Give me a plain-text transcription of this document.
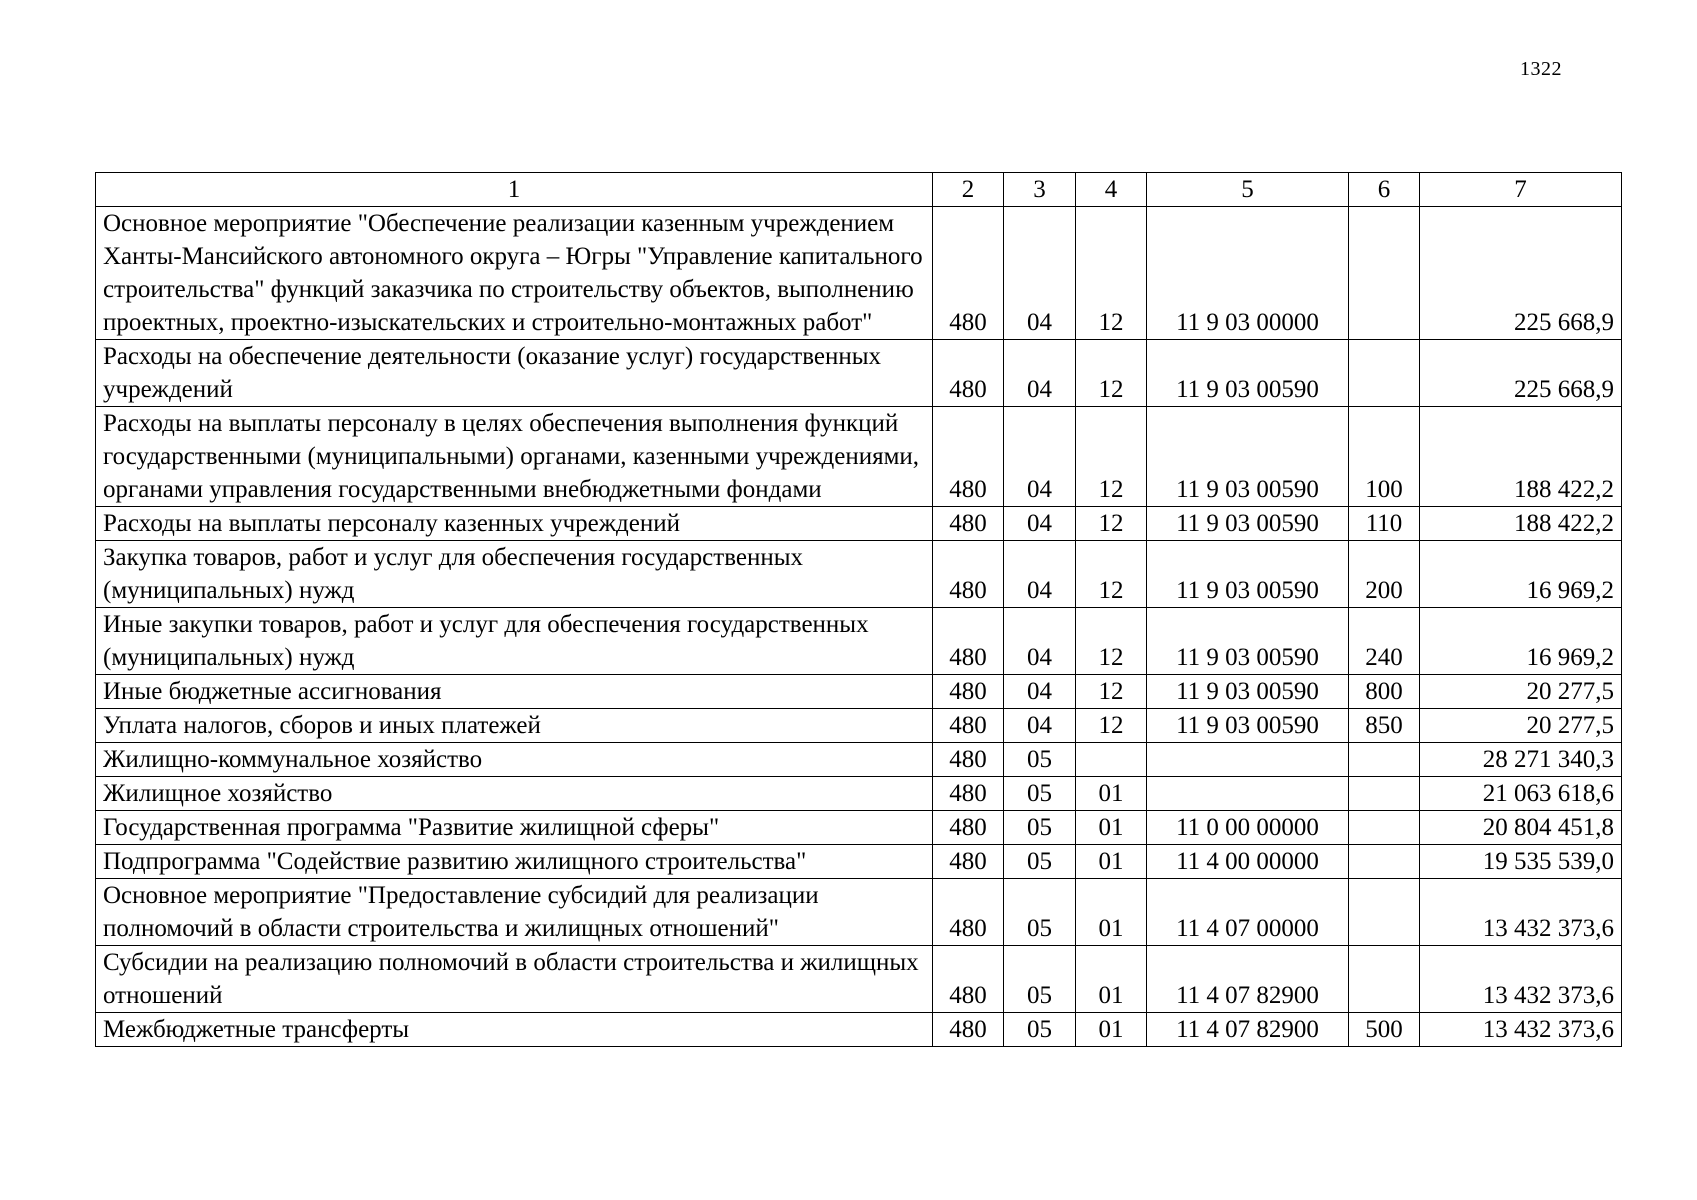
1322
1	2	3	4	5	6	7
Основное мероприятие "Обеспечение реализации казенным учреждением Ханты-Мансийского автономного округа – Югры "Управление капитального строительства" функций заказчика по строительству объектов, выполнению проектных, проектно-изыскательских и строительно-монтажных работ"	480	04	12	11 9 03 00000		225 668,9
Расходы на обеспечение деятельности (оказание услуг) государственных учреждений	480	04	12	11 9 03 00590		225 668,9
Расходы на выплаты персоналу в целях обеспечения выполнения функций государственными (муниципальными) органами, казенными учреждениями, органами управления государственными внебюджетными фондами	480	04	12	11 9 03 00590	100	188 422,2
Расходы на выплаты персоналу казенных учреждений	480	04	12	11 9 03 00590	110	188 422,2
Закупка товаров, работ и услуг для обеспечения государственных (муниципальных) нужд	480	04	12	11 9 03 00590	200	16 969,2
Иные закупки товаров, работ и услуг для обеспечения государственных (муниципальных) нужд	480	04	12	11 9 03 00590	240	16 969,2
Иные бюджетные ассигнования	480	04	12	11 9 03 00590	800	20 277,5
Уплата налогов, сборов и иных платежей	480	04	12	11 9 03 00590	850	20 277,5
Жилищно-коммунальное хозяйство	480	05				28 271 340,3
Жилищное хозяйство	480	05	01			21 063 618,6
Государственная программа "Развитие жилищной сферы"	480	05	01	11 0 00 00000		20 804 451,8
Подпрограмма "Содействие развитию жилищного строительства"	480	05	01	11 4 00 00000		19 535 539,0
Основное мероприятие "Предоставление субсидий для реализации полномочий в области строительства и жилищных отношений"	480	05	01	11 4 07 00000		13 432 373,6
Субсидии на реализацию полномочий в области строительства и жилищных отношений	480	05	01	11 4 07 82900		13 432 373,6
Межбюджетные трансферты	480	05	01	11 4 07 82900	500	13 432 373,6
